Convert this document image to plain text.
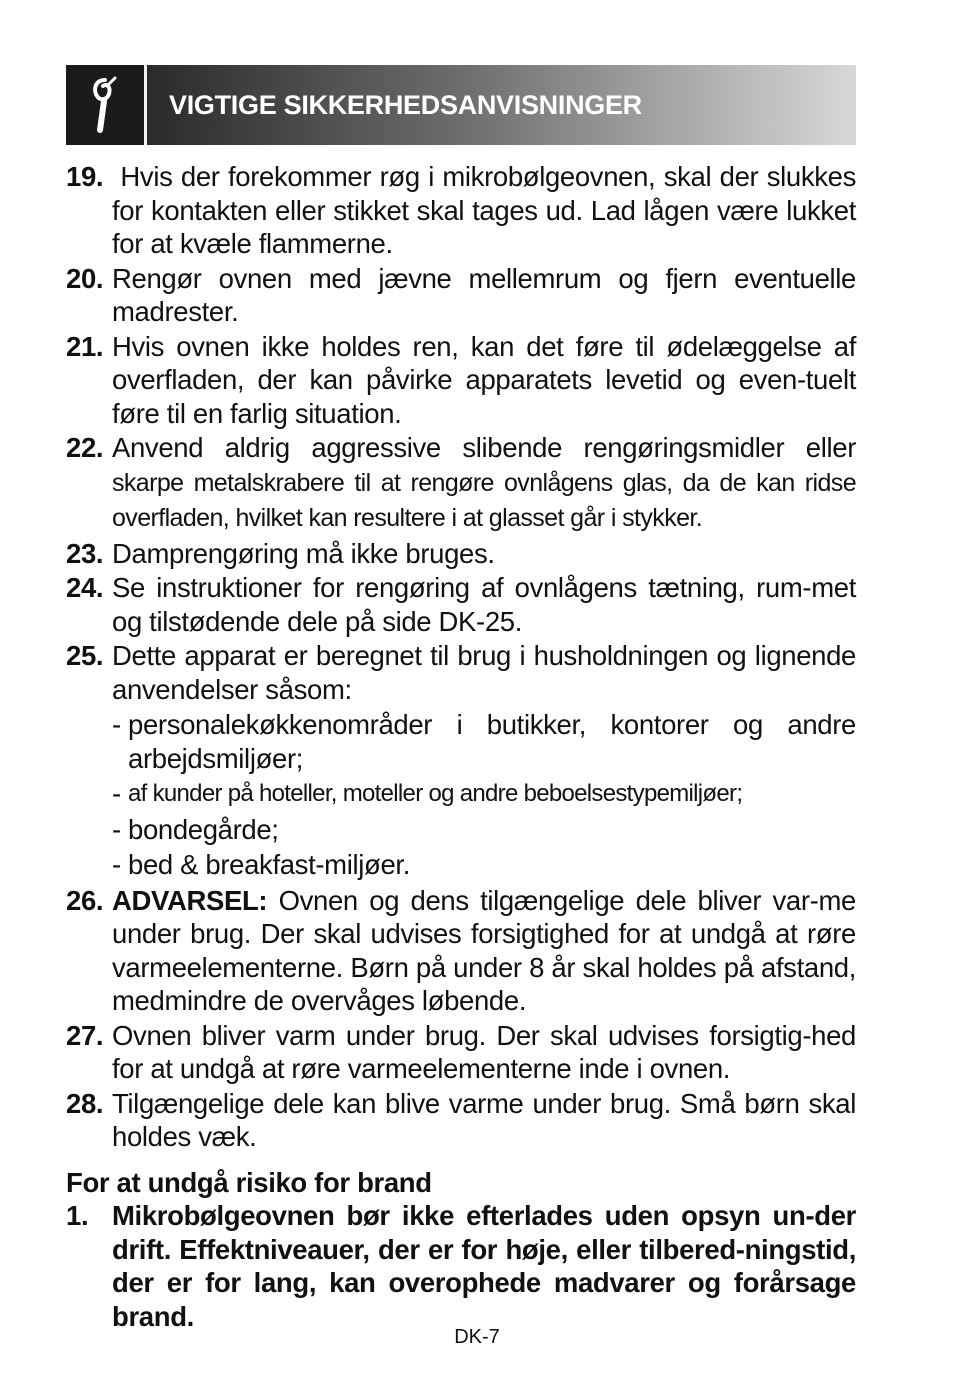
VIGTIGE SIKKERHEDSANVISNINGER
19. Hvis der forekommer røg i mikrobølgeovnen, skal der slukkes for kontakten eller stikket skal tages ud. Lad lågen være lukket for at kvæle flammerne.
20. Rengør ovnen med jævne mellemrum og fjern eventuelle madrester.
21. Hvis ovnen ikke holdes ren, kan det føre til ødelæggelse af overfladen, der kan påvirke apparatets levetid og even-tuelt føre til en farlig situation.
22. Anvend aldrig aggressive slibende rengøringsmidler eller skarpe metalskrabere til at rengøre ovnlågens glas, da de kan ridse overfladen, hvilket kan resultere i at glasset går i stykker.
23. Damprengøring må ikke bruges.
24. Se instruktioner for rengøring af ovnlågens tætning, rum-met og tilstødende dele på side DK-25.
25. Dette apparat er beregnet til brug i husholdningen og lignende anvendelser såsom:
- personalekøkkenområder i butikker, kontorer og andre arbejdsmiljøer;
- af kunder på hoteller, moteller og andre beboelsestypemiljøer;
- bondegårde;
- bed & breakfast-miljøer.
26. ADVARSEL: Ovnen og dens tilgængelige dele bliver var-me under brug. Der skal udvises forsigtighed for at undgå at røre varmeelementerne. Børn på under 8 år skal holdes på afstand, medmindre de overvåges løbende.
27. Ovnen bliver varm under brug. Der skal udvises forsigtig-hed for at undgå at røre varmeelementerne inde i ovnen.
28. Tilgængelige dele kan blive varme under brug. Små børn skal holdes væk.
For at undgå risiko for brand
1. Mikrobølgeovnen bør ikke efterlades uden opsyn un-der drift. Effektniveauer, der er for høje, eller tilbered-ningstid, der er for lang, kan overophede madvarer og forårsage brand.
DK-7
